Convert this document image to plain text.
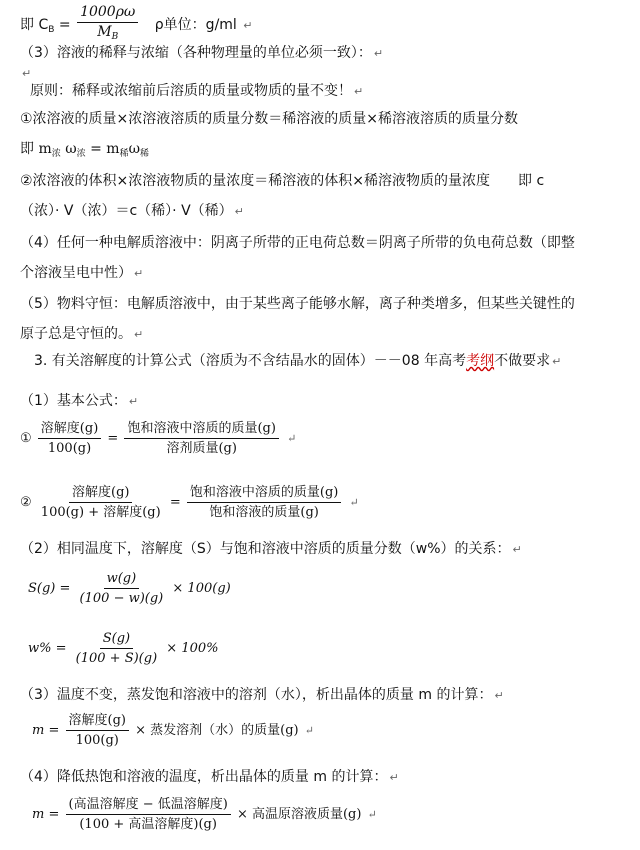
即 $C_B = \frac{1000\rho\omega}{M_B}$ ρ单位：g/ml ↵
（3）溶液的稀释与浓缩（各种物理量的单位必须一致）： ↵
↵
原则：稀释或浓缩前后溶质的质量或物质的量不变！ ↵
①浓溶液的质量×浓溶液溶质的质量分数＝稀溶液的质量×稀溶液溶质的质量分数
即 $m_浓$ $\omega_浓 = m_稀\omega_稀$
②浓溶液的体积×浓溶液物质的量浓度＝稀溶液的体积×稀溶液物质的量浓度　　即 c
（浓）· V（浓）＝c（稀）· V（稀） ↵
（4）任何一种电解质溶液中：阴离子所带的正电荷总数＝阴离子所带的负电荷总数（即整
个溶液呈电中性） ↵
（5）物料守恒：电解质溶液中，由于某些离子能够水解，离子种类增多，但某些关键性的
原子总是守恒的。 ↵
3. 有关溶解度的计算公式（溶质为不含结晶水的固体）－－08 年高考考纲不做要求 ↵
（1）基本公式： ↵
① $\frac{\text{溶解度(g)}}{100(g)} = \frac{\text{饱和溶液中溶质的质量(g)}}{\text{溶剂质量(g)}}$ ↵
② $\frac{\text{溶解度(g)}}{\text{100(g) + 溶解度(g)}} = \frac{\text{饱和溶液中溶质的质量(g)}}{\text{饱和溶液的质量(g)}}$ ↵
（2）相同温度下，溶解度（S）与饱和溶液中溶质的质量分数（w%）的关系： ↵
$S(g) = \frac{w(g)}{(100 - w)(g)} \times 100(g)$
$w\% = \frac{S(g)}{(100 + S)(g)} \times 100\%$
（3）温度不变，蒸发饱和溶液中的溶剂（水），析出晶体的质量 m 的计算： ↵
$m = \frac{\text{溶解度(g)}}{100(g)}$ × 蒸发溶剂（水）的质量(g) ↵
（4）降低热饱和溶液的温度，析出晶体的质量 m 的计算： ↵
$m = \frac{\text{(高温溶解度 − 低温溶解度)}}{\text{(100 + 高温溶解度)(g)}}$ × 高温原溶液质量(g) ↵
